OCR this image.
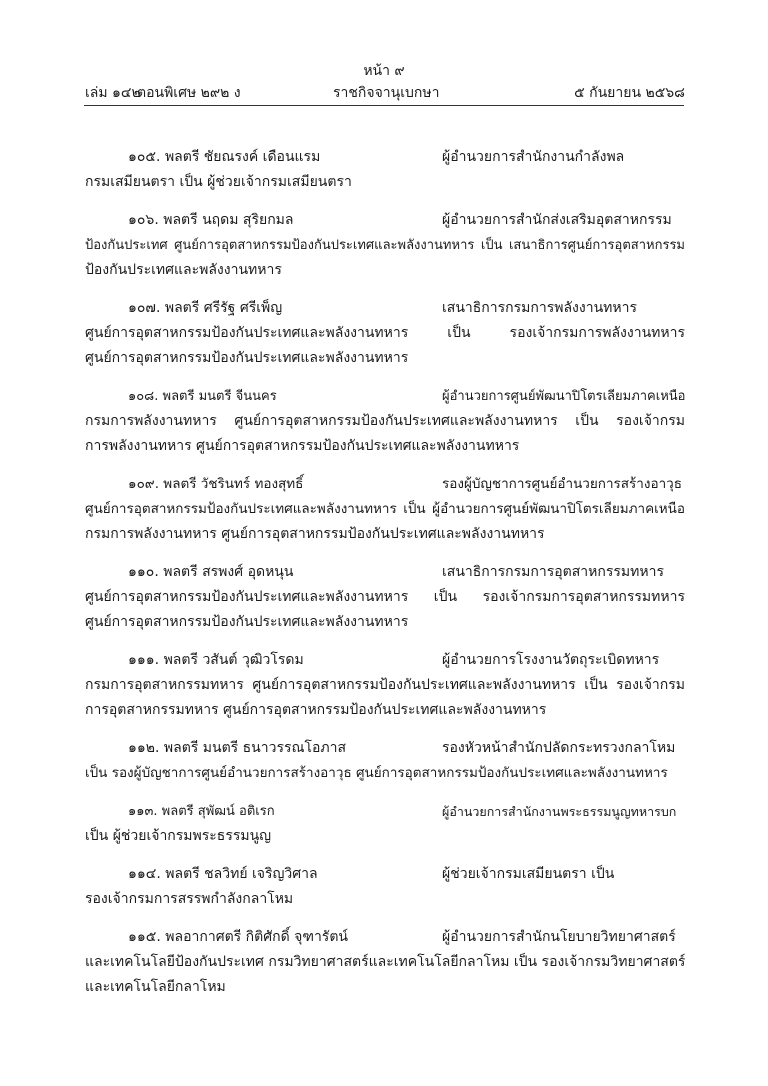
หน้า ๙
เล่ม ๑๔๒
ตอนพิเศษ ๒๙๒ ง	ราชกิจจานุเบกษา	๕ กันยายน ๒๕๖๘
๑๐๕. พลตรี ชัยณรงค์ เดือนแรม	ผู้อำนวยการสำนักงานกำลังพล
กรมเสมียนตรา เป็น ผู้ช่วยเจ้ากรมเสมียนตรา
๑๐๖. พลตรี นฤดม สุริยกมล	ผู้อำนวยการสำนักส่งเสริมอุตสาหกรรม
ป้องกันประเทศ ศูนย์การอุตสาหกรรมป้องกันประเทศและพลังงานทหาร เป็น เสนาธิการศูนย์การอุตสาหกรรม
ป้องกันประเทศและพลังงานทหาร
๑๐๗. พลตรี ศรีรัฐ ศรีเพ็ญ	เสนาธิการกรมการพลังงานทหาร
ศูนย์การอุตสาหกรรมป้องกันประเทศและพลังงานทหาร เป็น รองเจ้ากรมการพลังงานทหาร
ศูนย์การอุตสาหกรรมป้องกันประเทศและพลังงานทหาร
๑๐๘. พลตรี มนตรี จีนนคร	ผู้อำนวยการศูนย์พัฒนาปิโตรเลียมภาคเหนือ
กรมการพลังงานทหาร ศูนย์การอุตสาหกรรมป้องกันประเทศและพลังงานทหาร เป็น รองเจ้ากรม
การพลังงานทหาร ศูนย์การอุตสาหกรรมป้องกันประเทศและพลังงานทหาร
๑๐๙. พลตรี วัชรินทร์ ทองสุทธิ์	รองผู้บัญชาการศูนย์อำนวยการสร้างอาวุธ
ศูนย์การอุตสาหกรรมป้องกันประเทศและพลังงานทหาร เป็น ผู้อำนวยการศูนย์พัฒนาปิโตรเลียมภาคเหนือ
กรมการพลังงานทหาร ศูนย์การอุตสาหกรรมป้องกันประเทศและพลังงานทหาร
๑๑๐. พลตรี สรพงศ์ อุดหนุน	เสนาธิการกรมการอุตสาหกรรมทหาร
ศูนย์การอุตสาหกรรมป้องกันประเทศและพลังงานทหาร เป็น รองเจ้ากรมการอุตสาหกรรมทหาร
ศูนย์การอุตสาหกรรมป้องกันประเทศและพลังงานทหาร
๑๑๑. พลตรี วสันต์ วุฒิวโรดม	ผู้อำนวยการโรงงานวัตถุระเบิดทหาร
กรมการอุตสาหกรรมทหาร ศูนย์การอุตสาหกรรมป้องกันประเทศและพลังงานทหาร เป็น รองเจ้ากรม
การอุตสาหกรรมทหาร ศูนย์การอุตสาหกรรมป้องกันประเทศและพลังงานทหาร
๑๑๒. พลตรี มนตรี ธนาวรรณโอภาส	รองหัวหน้าสำนักปลัดกระทรวงกลาโหม
เป็น รองผู้บัญชาการศูนย์อำนวยการสร้างอาวุธ ศูนย์การอุตสาหกรรมป้องกันประเทศและพลังงานทหาร
๑๑๓. พลตรี สุพัฒน์ อติเรก	ผู้อำนวยการสำนักงานพระธรรมนูญทหารบก
เป็น ผู้ช่วยเจ้ากรมพระธรรมนูญ
๑๑๔. พลตรี ชลวิทย์ เจริญวิศาล	ผู้ช่วยเจ้ากรมเสมียนตรา เป็น
รองเจ้ากรมการสรรพกำลังกลาโหม
๑๑๕. พลอากาศตรี กิติศักดิ์ จุฑารัตน์	ผู้อำนวยการสำนักนโยบายวิทยาศาสตร์
และเทคโนโลยีป้องกันประเทศ กรมวิทยาศาสตร์และเทคโนโลยีกลาโหม เป็น รองเจ้ากรมวิทยาศาสตร์
และเทคโนโลยีกลาโหม
